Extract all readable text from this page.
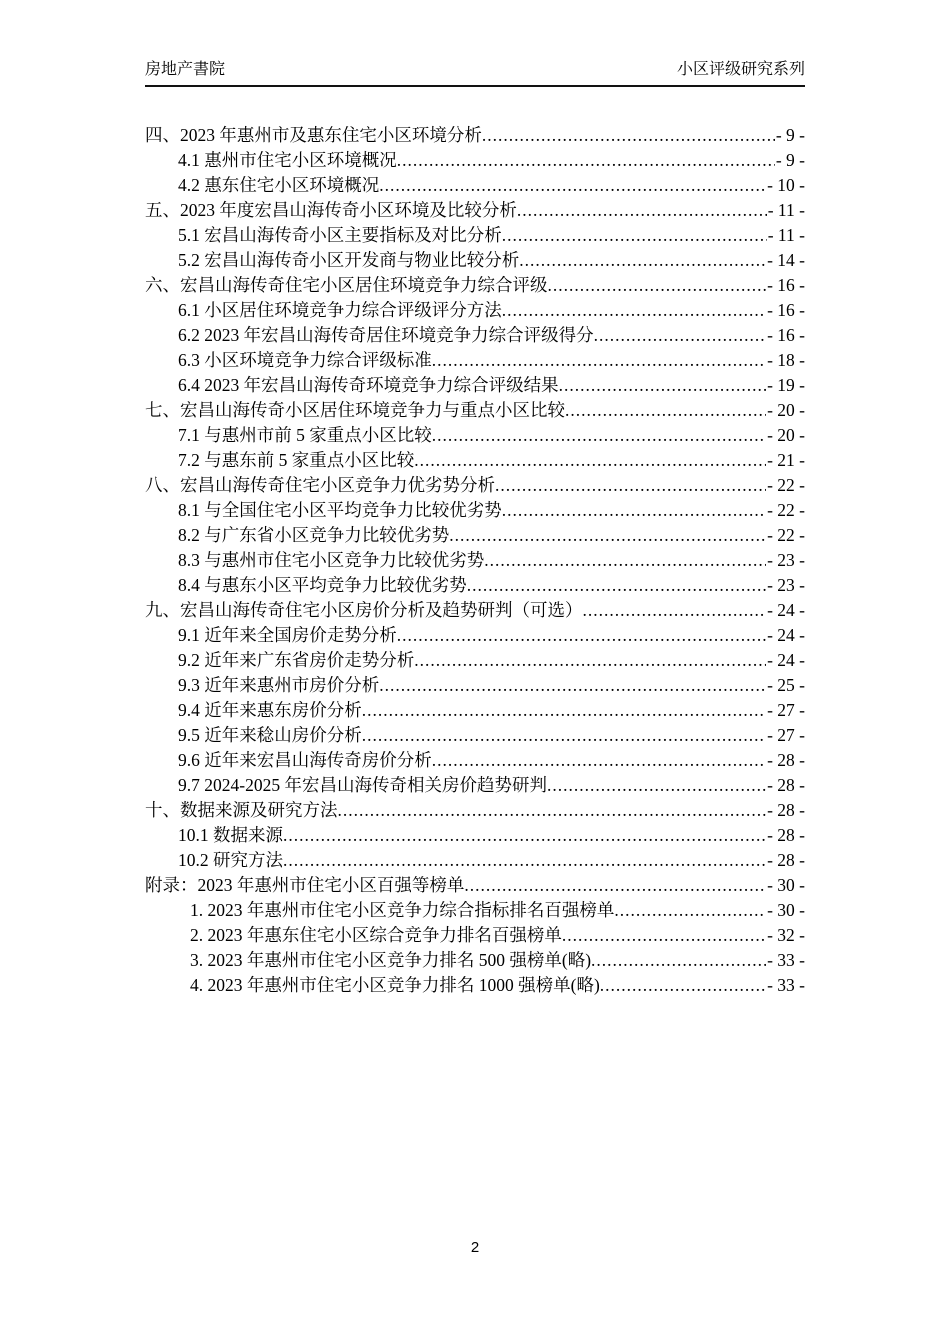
房地产書院	小区评级研究系列
四、2023 年惠州市及惠东住宅小区环境分析 .....	- 9 -
4.1 惠州市住宅小区环境概况 .....	- 9 -
4.2 惠东住宅小区环境概况 .....	- 10 -
五、2023 年度宏昌山海传奇小区环境及比较分析 .....	- 11 -
5.1 宏昌山海传奇小区主要指标及对比分析 .....	- 11 -
5.2 宏昌山海传奇小区开发商与物业比较分析 .....	- 14 -
六、宏昌山海传奇住宅小区居住环境竞争力综合评级 .....	- 16 -
6.1 小区居住环境竞争力综合评级评分方法 .....	- 16 -
6.2 2023 年宏昌山海传奇居住环境竞争力综合评级得分 .....	- 16 -
6.3 小区环境竞争力综合评级标准 .....	- 18 -
6.4 2023 年宏昌山海传奇环境竞争力综合评级结果 .....	- 19 -
七、宏昌山海传奇小区居住环境竞争力与重点小区比较 .....	- 20 -
7.1 与惠州市前 5 家重点小区比较 .....	- 20 -
7.2 与惠东前 5 家重点小区比较 .....	- 21 -
八、宏昌山海传奇住宅小区竞争力优劣势分析 .....	- 22 -
8.1 与全国住宅小区平均竞争力比较优劣势 .....	- 22 -
8.2 与广东省小区竞争力比较优劣势 .....	- 22 -
8.3 与惠州市住宅小区竞争力比较优劣势 .....	- 23 -
8.4 与惠东小区平均竞争力比较优劣势 .....	- 23 -
九、宏昌山海传奇住宅小区房价分析及趋势研判（可选） .....	- 24 -
9.1 近年来全国房价走势分析 .....	- 24 -
9.2 近年来广东省房价走势分析 .....	- 24 -
9.3 近年来惠州市房价分析 .....	- 25 -
9.4 近年来惠东房价分析 .....	- 27 -
9.5 近年来稔山房价分析 .....	- 27 -
9.6 近年来宏昌山海传奇房价分析 .....	- 28 -
9.7 2024-2025 年宏昌山海传奇相关房价趋势研判 .....	- 28 -
十、数据来源及研究方法 .....	- 28 -
10.1 数据来源 .....	- 28 -
10.2 研究方法 .....	- 28 -
附录：2023 年惠州市住宅小区百强等榜单 .....	- 30 -
1. 2023 年惠州市住宅小区竞争力综合指标排名百强榜单 .....	- 30 -
2. 2023 年惠东住宅小区综合竞争力排名百强榜单 .....	- 32 -
3. 2023 年惠州市住宅小区竞争力排名 500 强榜单(略) .....	- 33 -
4. 2023 年惠州市住宅小区竞争力排名 1000 强榜单(略) .....	- 33 -
2
